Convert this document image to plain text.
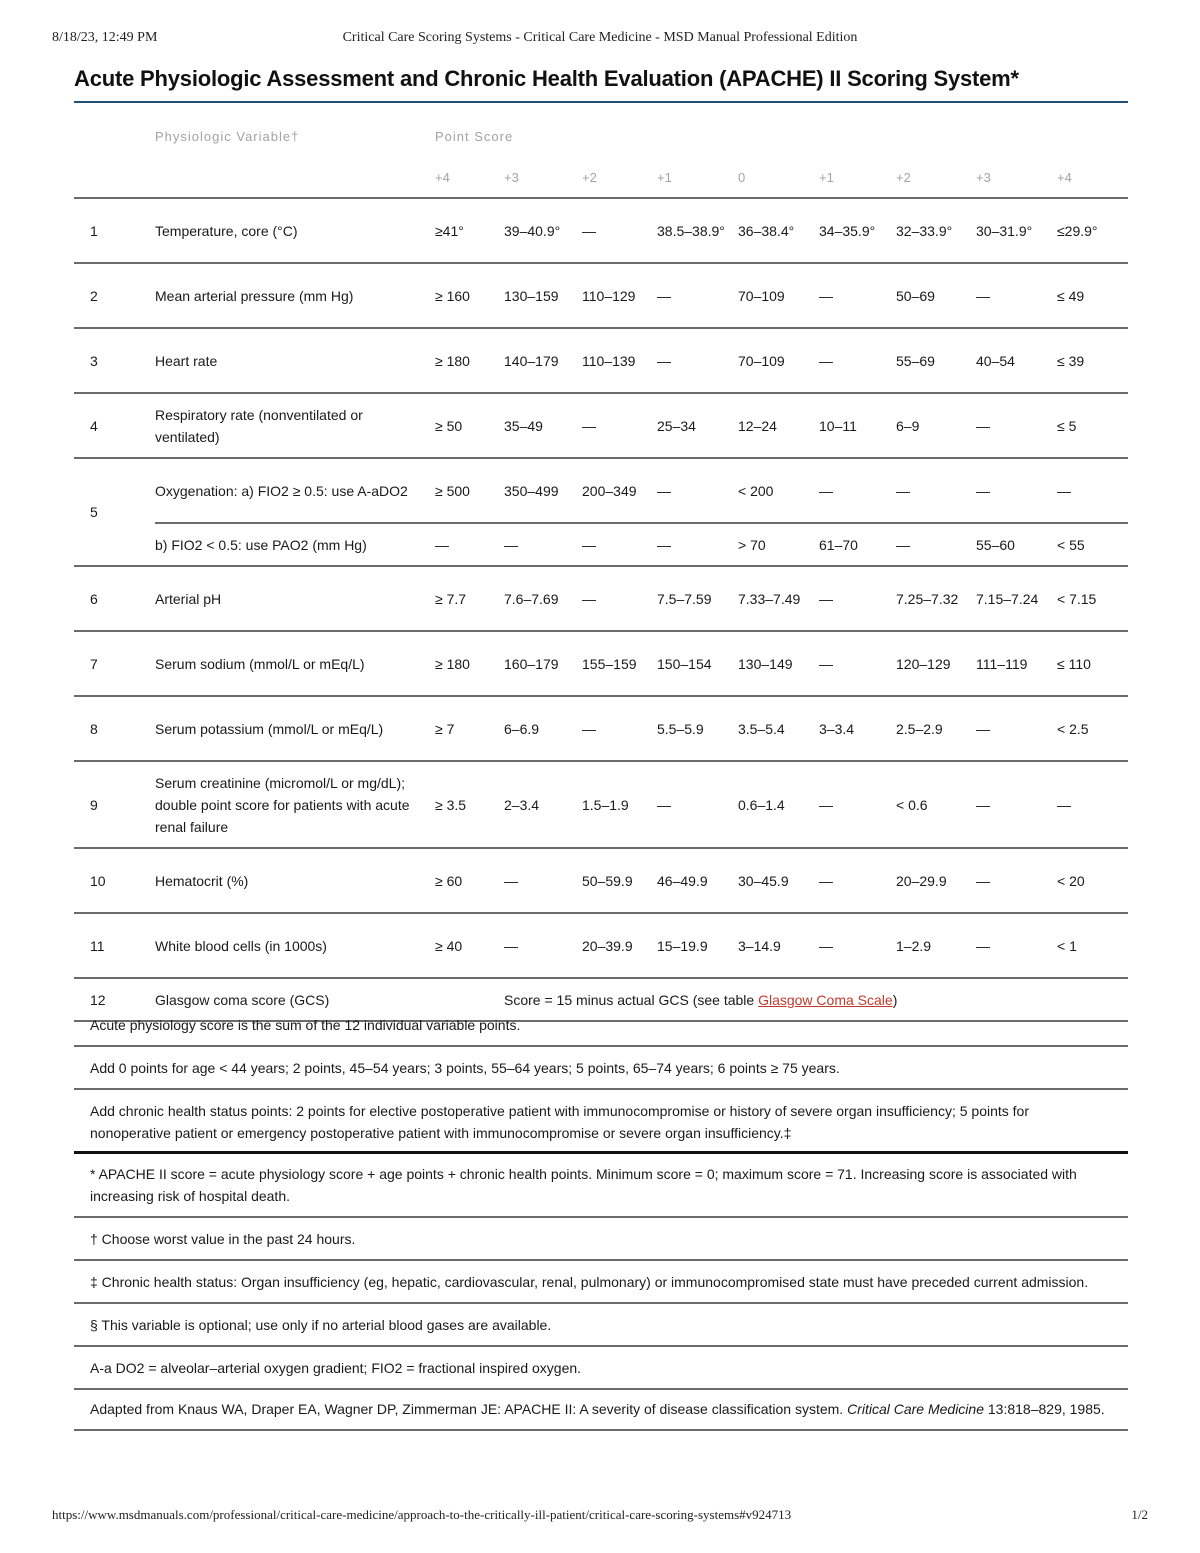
8/18/23, 12:49 PM	Critical Care Scoring Systems - Critical Care Medicine - MSD Manual Professional Edition
Acute Physiologic Assessment and Chronic Health Evaluation (APACHE) II Scoring System*
	Physiologic Variable†	Point Score								
		+4	+3	+2	+1	0	+1	+2	+3	+4
1	Temperature, core (°C)	≥41°	39–40.9°	—	38.5–38.9°	36–38.4°	34–35.9°	32–33.9°	30–31.9°	≤29.9°
2	Mean arterial pressure (mm Hg)	≥ 160	130–159	110–129	—	70–109	—	50–69	—	≤ 49
3	Heart rate	≥ 180	140–179	110–139	—	70–109	—	55–69	40–54	≤ 39
4	Respiratory rate (nonventilated or ventilated)	≥ 50	35–49	—	25–34	12–24	10–11	6–9	—	≤ 5
5	Oxygenation: a) FIO2 ≥ 0.5: use A-aDO2	≥ 500	350–499	200–349	—	< 200	—	—	—	—
	b) FIO2 < 0.5: use PAO2 (mm Hg)	—	—	—	—	> 70	61–70	—	55–60	< 55
6	Arterial pH	≥ 7.7	7.6–7.69	—	7.5–7.59	7.33–7.49	—	7.25–7.32	7.15–7.24	< 7.15
7	Serum sodium (mmol/L or mEq/L)	≥ 180	160–179	155–159	150–154	130–149	—	120–129	111–119	≤ 110
8	Serum potassium (mmol/L or mEq/L)	≥ 7	6–6.9	—	5.5–5.9	3.5–5.4	3–3.4	2.5–2.9	—	< 2.5
9	Serum creatinine (micromol/L or mg/dL); double point score for patients with acute renal failure	≥ 3.5	2–3.4	1.5–1.9	—	0.6–1.4	—	< 0.6	—	—
10	Hematocrit (%)	≥ 60	—	50–59.9	46–49.9	30–45.9	—	20–29.9	—	< 20
11	White blood cells (in 1000s)	≥ 40	—	20–39.9	15–19.9	3–14.9	—	1–2.9	—	< 1
12	Glasgow coma score (GCS)		Score = 15 minus actual GCS (see table Glasgow Coma Scale)							
Acute physiology score is the sum of the 12 individual variable points.
Add 0 points for age < 44 years; 2 points, 45–54 years; 3 points, 55–64 years; 5 points, 65–74 years; 6 points ≥ 75 years.
Add chronic health status points: 2 points for elective postoperative patient with immunocompromise or history of severe organ insufficiency; 5 points for nonoperative patient or emergency postoperative patient with immunocompromise or severe organ insufficiency.‡
* APACHE II score = acute physiology score + age points + chronic health points. Minimum score = 0; maximum score = 71. Increasing score is associated with increasing risk of hospital death.
† Choose worst value in the past 24 hours.
‡ Chronic health status: Organ insufficiency (eg, hepatic, cardiovascular, renal, pulmonary) or immunocompromised state must have preceded current admission.
§ This variable is optional; use only if no arterial blood gases are available.
A-a DO2 = alveolar–arterial oxygen gradient; FIO2 = fractional inspired oxygen.
Adapted from Knaus WA, Draper EA, Wagner DP, Zimmerman JE: APACHE II: A severity of disease classification system. Critical Care Medicine 13:818–829, 1985.
https://www.msdmanuals.com/professional/critical-care-medicine/approach-to-the-critically-ill-patient/critical-care-scoring-systems#v924713	1/2
